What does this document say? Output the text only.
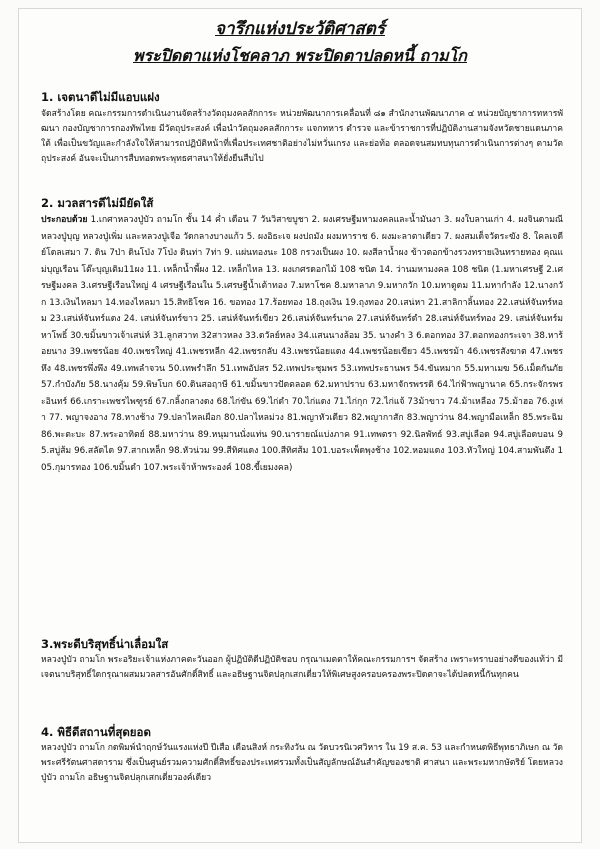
จารึกแห่งประวัติศาสตร์
พระปิดตาแห่งโชคลาภ พระปิดตาปลดหนี้ ถามโก
1. เจตนาดีไม่มีแอบแฝง

จัดสร้างโดย คณะกรรมการดำเนินงานจัดสร้างวัตถุมงคลสักการะ หน่วยพัฒนาการเคลื่อนที่ ๘๑ สำนักงานพัฒนาภาค ๔ หน่วยบัญชาการทหารพัฒนา กองบัญชาการกองทัพไทย มีวัตถุประสงค์ เพื่อนำวัตถุมงคลสักการะ แจกทหาร ตำรวจ และข้าราชการที่ปฏิบัติงานสามจังหวัดชายแดนภาคใต้ เพื่อเป็นขวัญและกำลังใจให้สามารถปฏิบัติหน้าที่เพื่อประเทศชาติอย่างไม่หวั่นเกรง และย่อท้อ ตลอดจนสมทบทุนการดำเนินการต่างๆ ตามวัตถุประสงค์ อันจะเป็นการสืบทอดพระพุทธศาสนาให้ยั่งยืนสืบไป

2. มวลสารดีไม่มียัดใส้

ประกอบด้วย 1.เกศาหลวงปู่บัว ถามโก ชั้น 14 ค่ำ เดือน 7 วันวิสาขบูชา 2. ผงเศรษฐีมหามงคลและน้ำมันงา 3. ผงใบลานเก่า 4. ผงจินดามณีหลวงปู่บุญ หลวงปู่เพิ่ม และหลวงปู่เจือ วัดกลางบางแก้ว 5. ผงอิธะเจ ผงปถมัง ผงมหาราช 6. ผงมะลาตาเดียว 7. ผงสมเด็จวัดระฆัง 8. ใคลเจดีย์โดลเสมา 7. ดิน 7ป่า ดินโป่ง 7โป่ง ดินท่า 7ท่า 9. แผ่นทองนะ 108 กรวงเป็นผง 10. ผงสีลาน้ำผง ข้าวตอกข้างรวงทรายเงินทรายทอง คุณแม่บุญเรือน โต๊ะบุญเติม11ผง 11. เหล็กน้ำพี้ผง 12. เหล็กไหล 13. ผงเกศรดอกไม้ 108 ชนิด 14. ว่านมหามงคล 108 ชนิด (1.มหาเศรษฐี 2.เศรษฐีมงคล 3.เศรษฐีเรือนใหญ่ 4 เศรษฐีเรือนใน 5.เศรษฐีน้ำเต้าทอง 7.มหาโชค 8.มหาลาภ 9.มหากวัก 10.มหาดูดม 11.มหากำลัง 12.นางกวัก 13.เงินไหลมา 14.ทองไหลมา 15.สิทธิโชค 16. ขอทอง 17.ร้อยทอง 18.ถุงเงิน 19.ถุงทอง 20.เสน่หา 21.สาลิกาลิ้นทอง 22.เสน่ห์จันทร์หอม 23.เสน่ห์จันทร์แดง 24. เสน่ห์จันทร์ขาว 25. เสน่ห์จันทร์เขียว 26.เสน่ห์จันทร์นาค 27.เสน่ห์จันทร์ดำ 28.เสน่ห์จันทร์ทอง 29. เสน่ห์จันทร์มหาโพธิ์ 30.ขมิ้นขาวเจ้าเสน่ห์ 31.ลูกสวาท 32สาวหลง 33.ดวัลย์หลง 34.แสนนางล้อม 35. นางคำ 3 6.ดอกทอง 37.ดอกทองกระเจา 38.หาร้อยนาง 39.เพชรน้อย 40.เพชรใหญ่ 41.เพชรหลีก 42.เพชรกลับ 43.เพชรน้อยแดง 44.เพชรน้อยเขียว 45.เพชรม้า 46.เพชรสังฆาต 47.เพชรหึง 48.เพชรพึ่งพึง 49.เทพลำจวน 50.เทพรำลึก 51.เทพอัปสร 52.เทพประชุมพร 53.เทพประธานพร 54.ขันหมาก 55.มหาเมฆ 56.เม็ดกันภัย 57.กำบังภัย 58.นางคุ้ม 59.พิษโบก 60.ดินสอฤาษี 61.ขมิ้นขาวปัดตลอด 62.มหาปราบ 63.มหาจักรพรรดิ 64.ไก่ฟ้าพญานาค 65.กระจักรพระอินทร์ 66.เกราะเพชรไพฑูรย์ 67.กลิ้งกลางดง 68.ไก่ขัน 69.ไก่ดำ 70.ไก่แดง 71.ไก่กุก 72.ไก่แจ้ 73ม้าขาว 74.ม้าเหลือง 75.ม้าฮอ 76.งูเห่า 77. พญาจงอาง 78.หางช้าง 79.ปลาไหลเผือก 80.ปลาไหลม่วง 81.พญาหัวเดียว 82.พญากาสัก 83.พญาว่าน 84.พญามือเหล็ก 85.พระฉิม 86.พะตะบะ 87.พระอาทิตย์ 88.มหาว่าน 89.หนุมานนั่งแท่น 90.นารายณ์แบ่งภาค 91.เทพตรา 92.นิลพัทธ์ 93.สบู่เลือด 94.สบู่เลือดบอน 95.สบู่ส้ม 96.สลัดได 97.สากเหล็ก 98.หัวน่วม 99.สีทิศแดง 100.สีทิศส้ม 101.บอระเพ็ดพุงช้าง 102.หอมแดง 103.หัวใหญ่ 104.สามพันตึง 105.กุมารทอง 106.ขมิ้นดำ 107.พระเจ้าห้าพระองค์ 108.ขี้เยมงคล)

3.พระดีบริสุทธิ์น่าเลื่อมใส

หลวงปู่บัว ถามโก พระอริยะเจ้าแห่งภาคตะวันออก ผู้ปฏิบัติดีปฏิบัติชอบ กรุณาเมตตาให้คณะกรรมการฯ จัดสร้าง เพราะทราบอย่างดีของแท้ว่า มีเจตนาบริสุทธิ์ใดกรุณาผสมมวลสารอันศักดิ์สิทธิ์ และอธิษฐานจิตปลุกเสกเดี่ยวให้พิเศษสูงครอบครองพระปิดตาจะได้ปลดหนี้กันทุกคน

4. พิธีดีสถานที่สุดยอด

หลวงปู่บัว ถามโก กดพิมพ์นำฤกษ์วันแรงแห่งปี ปีเสือ เดือนสิงห์ กระทิงวัน ณ วัดบวรนิเวศวิหาร ใน 19 ส.ค. 53 และกำหนดพิธีพุทธาภิเษก ณ วัดพระศรีรัตนศาสดาราม ซึ่งเป็นศูนย์รวมความศักดิ์สิทธิ์ของประเทศรวมทั้งเป็นสัญลักษณ์อันสำคัญของชาติ ศาสนา และพระมหากษัตริย์ โดยหลวงปู่บัว ถามโก อธิษฐานจิตปลุกเสกเดี่ยวองค์เดียว
